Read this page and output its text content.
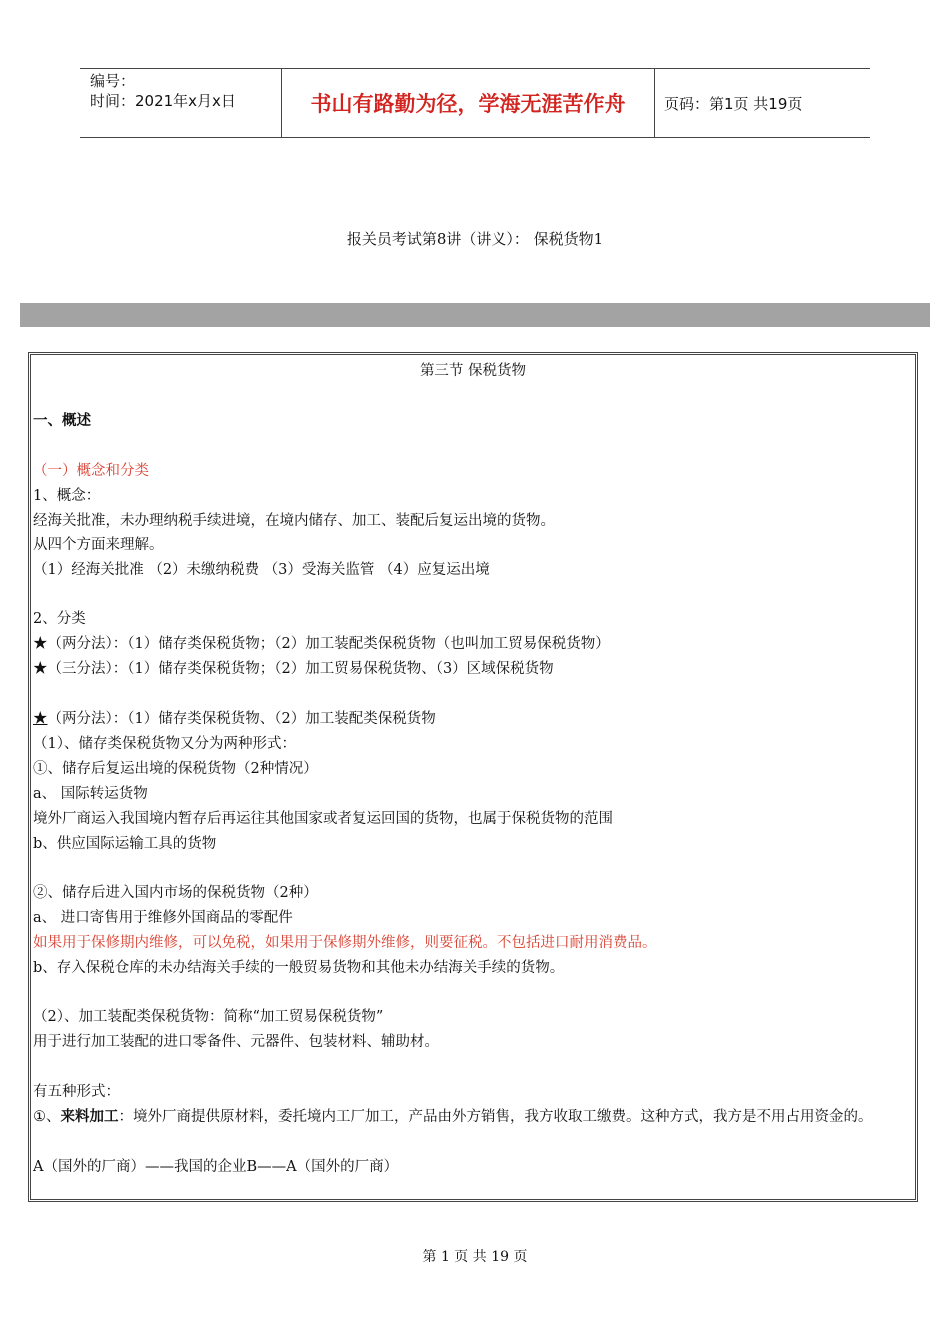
编号：
时间：2021年x月x日	书山有路勤为径，学海无涯苦作舟	页码：第1页 共19页
报关员考试第8讲（讲义）： 保税货物1
第三节 保税货物
一、概述
（一）概念和分类
1、概念：
经海关批准，未办理纳税手续进境，在境内储存、加工、装配后复运出境的货物。
从四个方面来理解。
（1）经海关批准 （2）未缴纳税费 （3）受海关监管 （4）应复运出境
2、分类
★（两分法）：（1）储存类保税货物；（2）加工装配类保税货物（也叫加工贸易保税货物）
★（三分法）：（1）储存类保税货物；（2）加工贸易保税货物、（3）区域保税货物
★（两分法）：（1）储存类保税货物、（2）加工装配类保税货物
（1）、储存类保税货物又分为两种形式：
①、储存后复运出境的保税货物（2种情况）
a、 国际转运货物
境外厂商运入我国境内暂存后再运往其他国家或者复运回国的货物，也属于保税货物的范围
b、供应国际运输工具的货物
②、储存后进入国内市场的保税货物（2种）
a、 进口寄售用于维修外国商品的零配件
如果用于保修期内维修，可以免税，如果用于保修期外维修，则要征税。不包括进口耐用消费品。
b、存入保税仓库的未办结海关手续的一般贸易货物和其他未办结海关手续的货物。
（2）、加工装配类保税货物：简称“加工贸易保税货物”
用于进行加工装配的进口零备件、元器件、包装材料、辅助材。
有五种形式：
①、来料加工：境外厂商提供原材料，委托境内工厂加工，产品由外方销售，我方收取工缴费。这种方式，我方是不用占用资金的。
A（国外的厂商）——我国的企业B——A（国外的厂商）
第 1 页 共 19 页
